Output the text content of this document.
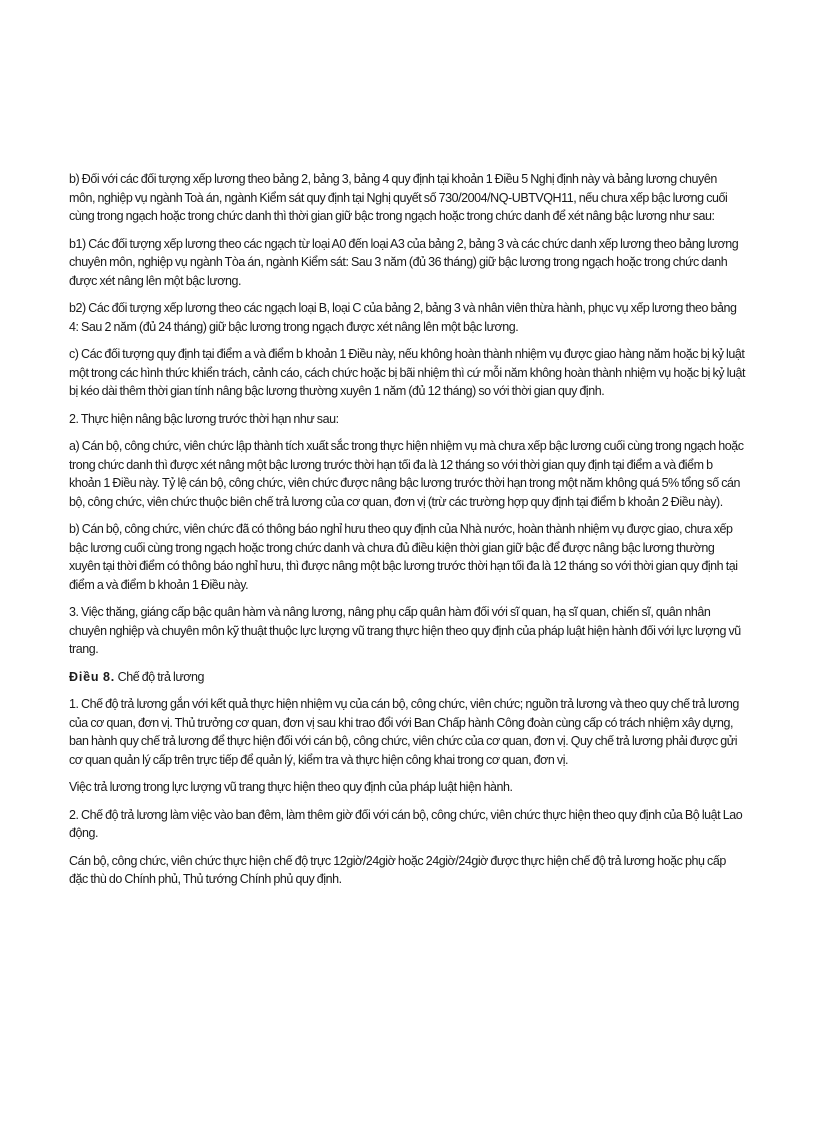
b) Đối với các đối tượng xếp lương theo bảng 2, bảng 3, bảng 4 quy định tại khoản 1 Điều 5 Nghị định này và bảng lương chuyên môn, nghiệp vụ ngành Toà án, ngành Kiểm sát quy định tại Nghị quyết số 730/2004/NQ-UBTVQH11, nếu chưa xếp bậc lương cuối cùng trong ngạch hoặc trong chức danh thì thời gian giữ bậc trong ngạch hoặc trong chức danh để xét nâng bậc lương như sau:

b1) Các đối tượng xếp lương theo các ngạch từ loại A0 đến loại A3 của bảng 2, bảng 3 và các chức danh xếp lương theo bảng lương chuyên môn, nghiệp vụ ngành Tòa án, ngành Kiểm sát: Sau 3 năm (đủ 36 tháng) giữ bậc lương trong ngạch hoặc trong chức danh được xét nâng lên một bậc lương.

b2) Các đối tượng xếp lương theo các ngạch loại B, loại C của bảng 2, bảng 3 và nhân viên thừa hành, phục vụ xếp lương theo bảng 4: Sau 2 năm (đủ 24 tháng) giữ bậc lương trong ngạch được xét nâng lên một bậc lương.

c) Các đối tượng quy định tại điểm a và điểm b khoản 1 Điều này, nếu không hoàn thành nhiệm vụ được giao hàng năm hoặc bị kỷ luật một trong các hình thức khiển trách, cảnh cáo, cách chức hoặc bị bãi nhiệm thì cứ mỗi năm không hoàn thành nhiệm vụ hoặc bị kỷ luật bị kéo dài thêm thời gian tính nâng bậc lương thường xuyên 1 năm (đủ 12 tháng) so với thời gian quy định.

2. Thực hiện nâng bậc lương trước thời hạn như sau:

a) Cán bộ, công chức, viên chức lập thành tích xuất sắc trong thực hiện nhiệm vụ mà chưa xếp bậc lương cuối cùng trong ngạch hoặc trong chức danh thì được xét nâng một bậc lương trước thời hạn tối đa là 12 tháng so với thời gian quy định tại điểm a và điểm b khoản 1 Điều này. Tỷ lệ cán bộ, công chức, viên chức được nâng bậc lương trước thời hạn trong một năm không quá 5% tổng số cán bộ, công chức, viên chức thuộc biên chế trả lương của cơ quan, đơn vị (trừ các trường hợp quy định tại điểm b khoản 2 Điều này).

b) Cán bộ, công chức, viên chức đã có thông báo nghỉ hưu theo quy định của Nhà nước, hoàn thành nhiệm vụ được giao, chưa xếp bậc lương cuối cùng trong ngạch hoặc trong chức danh và chưa đủ điều kiện thời gian giữ bậc để được nâng bậc lương thường xuyên tại thời điểm có thông báo nghỉ hưu, thì được nâng một bậc lương trước thời hạn tối đa là 12 tháng so với thời gian quy định tại điểm a và điểm b khoản 1 Điều này.

3. Việc thăng, giáng cấp bậc quân hàm và nâng lương, nâng phụ cấp quân hàm đối với sĩ quan, hạ sĩ quan, chiến sĩ, quân nhân chuyên nghiệp và chuyên môn kỹ thuật thuộc lực lượng vũ trang thực hiện theo quy định của pháp luật hiện hành đối với lực lượng vũ trang.

Điều 8. Chế độ trả lương

1. Chế độ trả lương gắn với kết quả thực hiện nhiệm vụ của cán bộ, công chức, viên chức; nguồn trả lương và theo quy chế trả lương của cơ quan, đơn vị. Thủ trưởng cơ quan, đơn vị sau khi trao đổi với Ban Chấp hành Công đoàn cùng cấp có trách nhiệm xây dựng, ban hành quy chế trả lương để thực hiện đối với cán bộ, công chức, viên chức của cơ quan, đơn vị. Quy chế trả lương phải được gửi cơ quan quản lý cấp trên trực tiếp để quản lý, kiểm tra và thực hiện công khai trong cơ quan, đơn vị.

Việc trả lương trong lực lượng vũ trang thực hiện theo quy định của pháp luật hiện hành.

2. Chế độ trả lương làm việc vào ban đêm, làm thêm giờ đối với cán bộ, công chức, viên chức thực hiện theo quy định của Bộ luật Lao động.

Cán bộ, công chức, viên chức thực hiện chế độ trực 12giờ/24giờ hoặc 24giờ/24giờ được thực hiện chế độ trả lương hoặc phụ cấp đặc thù do Chính phủ, Thủ tướng Chính phủ quy định.
